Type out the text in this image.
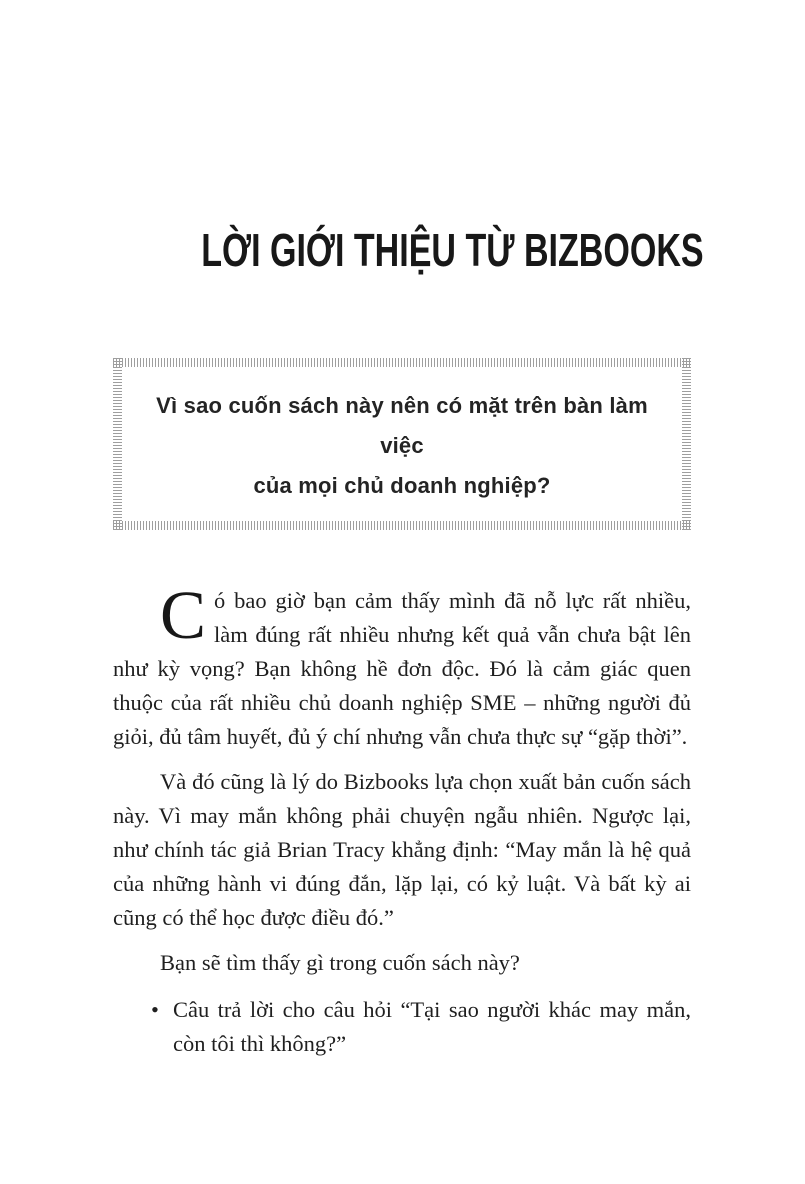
LỜI GIỚI THIỆU TỪ BIZBOOKS

Vì sao cuốn sách này nên có mặt trên bàn làm việc

của mọi chủ doanh nghiệp?

Có bao giờ bạn cảm thấy mình đã nỗ lực rất nhiều, làm đúng rất nhiều nhưng kết quả vẫn chưa bật lên như kỳ vọng? Bạn không hề đơn độc. Đó là cảm giác quen thuộc của rất nhiều chủ doanh nghiệp SME – những người đủ giỏi, đủ tâm huyết, đủ ý chí nhưng vẫn chưa thực sự “gặp thời”.

Và đó cũng là lý do Bizbooks lựa chọn xuất bản cuốn sách này. Vì may mắn không phải chuyện ngẫu nhiên. Ngược lại, như chính tác giả Brian Tracy khẳng định: “May mắn là hệ quả của những hành vi đúng đắn, lặp lại, có kỷ luật. Và bất kỳ ai cũng có thể học được điều đó.”

Bạn sẽ tìm thấy gì trong cuốn sách này?

• Câu trả lời cho câu hỏi “Tại sao người khác may mắn, còn tôi thì không?”
